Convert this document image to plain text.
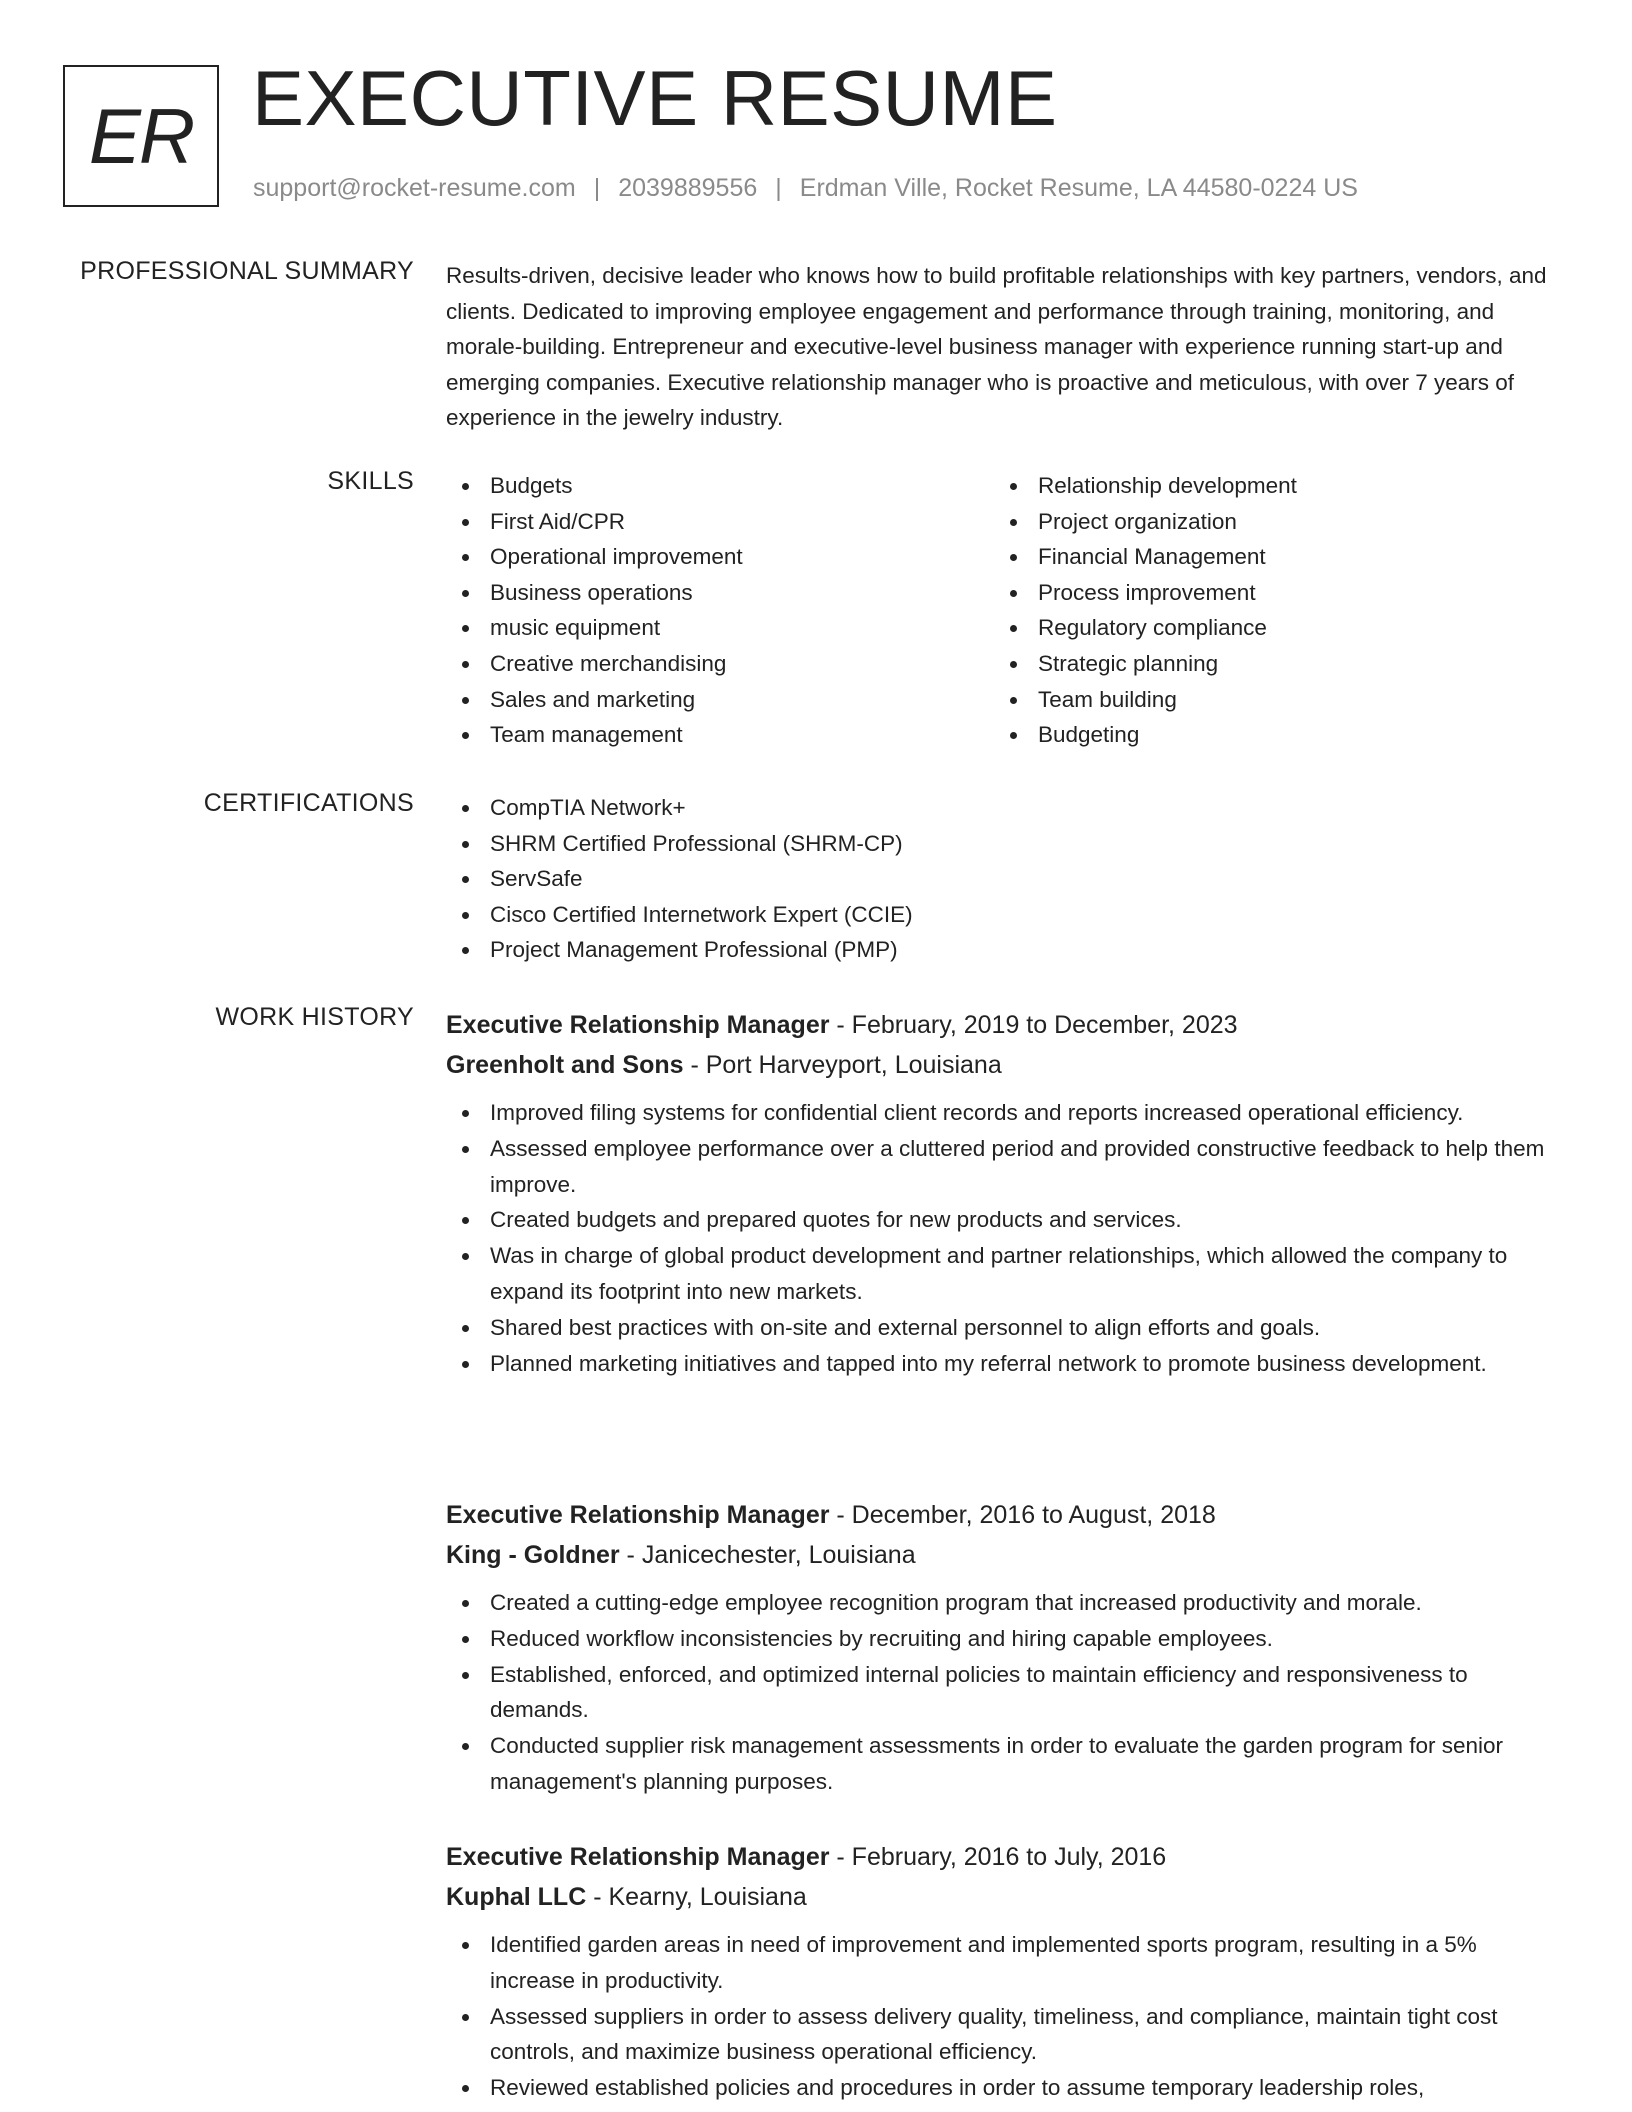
ER EXECUTIVE RESUME
support@rocket-resume.com | 2039889556 | Erdman Ville, Rocket Resume, LA 44580-0224 US
PROFESSIONAL SUMMARY Results-driven, decisive leader who knows how to build profitable relationships with key partners, vendors, and clients. Dedicated to improving employee engagement and performance through training, monitoring, and morale-building. Entrepreneur and executive-level business manager with experience running start-up and emerging companies. Executive relationship manager who is proactive and meticulous, with over 7 years of experience in the jewelry industry.
SKILLS	Budgets
First Aid/CPR
Operational improvement
Business operations
music equipment
Creative merchandising
Sales and marketing
Team management
Relationship development
Project organization
Financial Management
Process improvement
Regulatory compliance
Strategic planning
Team building
Budgeting
CERTIFICATIONS	CompTIA Network+
SHRM Certified Professional (SHRM-CP)
ServSafe
Cisco Certified Internetwork Expert (CCIE)
Project Management Professional (PMP)
WORK HISTORY Executive Relationship Manager - February, 2019 to December, 2023
Greenholt and Sons - Port Harveyport, Louisiana
Improved filing systems for confidential client records and reports increased operational efficiency.
Assessed employee performance over a cluttered period and provided constructive feedback to help them improve.
Created budgets and prepared quotes for new products and services.
Was in charge of global product development and partner relationships, which allowed the company to expand its footprint into new markets.
Shared best practices with on-site and external personnel to align efforts and goals.
Planned marketing initiatives and tapped into my referral network to promote business development.
Executive Relationship Manager - December, 2016 to August, 2018
King - Goldner - Janicechester, Louisiana
Created a cutting-edge employee recognition program that increased productivity and morale.
Reduced workflow inconsistencies by recruiting and hiring capable employees.
Established, enforced, and optimized internal policies to maintain efficiency and responsiveness to demands.
Conducted supplier risk management assessments in order to evaluate the garden program for senior management's planning purposes.
Executive Relationship Manager - February, 2016 to July, 2016
Kuphal LLC - Kearny, Louisiana
Identified garden areas in need of improvement and implemented sports program, resulting in a 5% increase in productivity.
Assessed suppliers in order to assess delivery quality, timeliness, and compliance, maintain tight cost controls, and maximize business operational efficiency.
Reviewed established policies and procedures in order to assume temporary leadership roles,
